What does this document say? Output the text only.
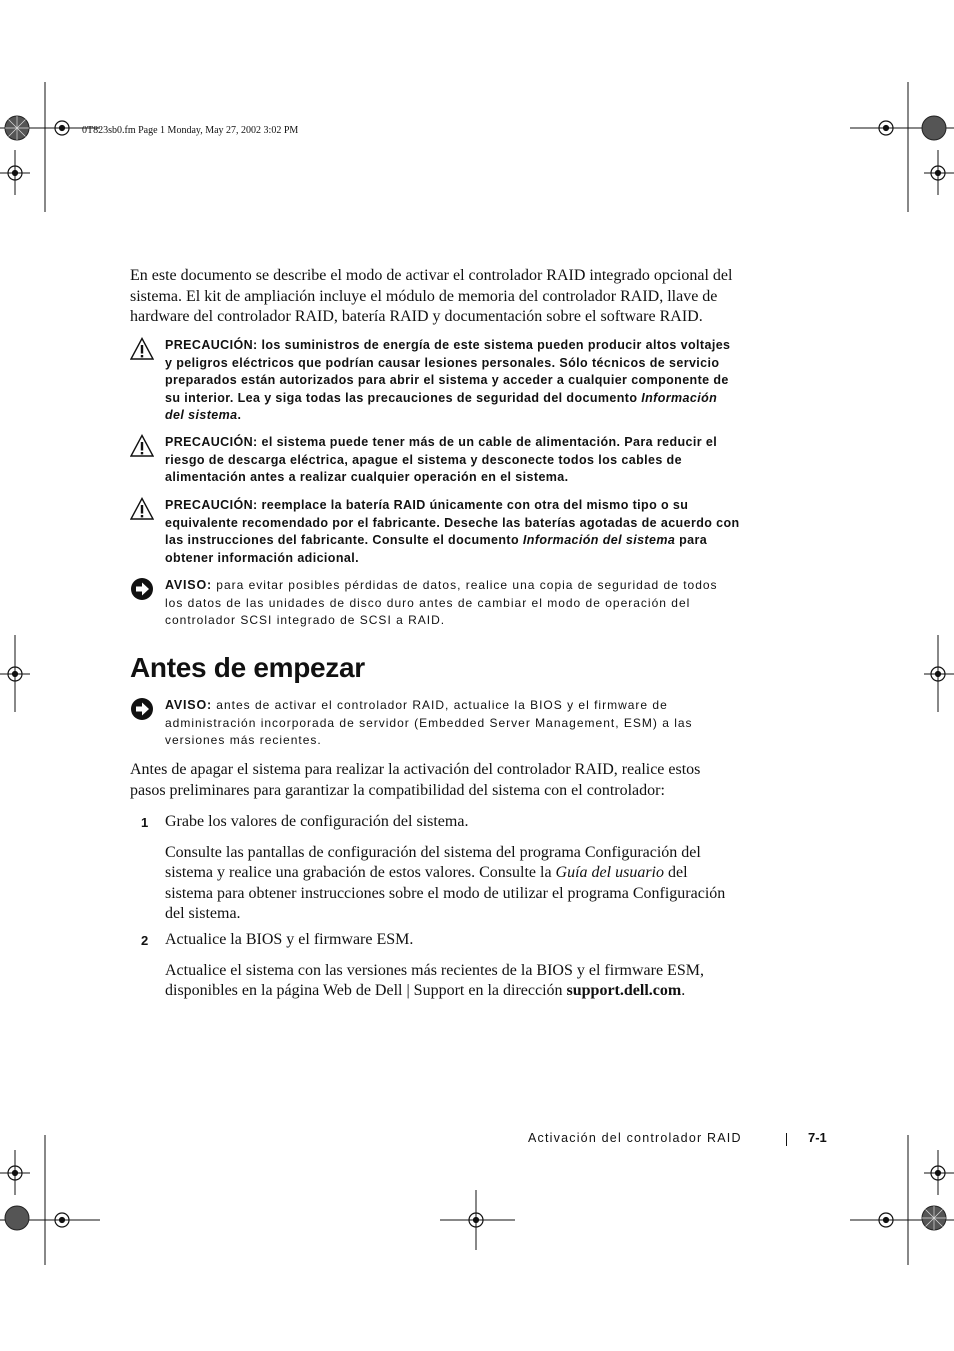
0T823sb0.fm Page 1 Monday, May 27, 2002 3:02 PM

En este documento se describe el modo de activar el controlador RAID integrado opcional del sistema. El kit de ampliación incluye el módulo de memoria del controlador RAID, llave de hardware del controlador RAID, batería RAID y documentación sobre el software RAID.

PRECAUCIÓN: los suministros de energía de este sistema pueden producir altos voltajes y peligros eléctricos que podrían causar lesiones personales. Sólo técnicos de servicio preparados están autorizados para abrir el sistema y acceder a cualquier componente de su interior. Lea y siga todas las precauciones de seguridad del documento Información del sistema.
PRECAUCIÓN: el sistema puede tener más de un cable de alimentación. Para reducir el riesgo de descarga eléctrica, apague el sistema y desconecte todos los cables de alimentación antes a realizar cualquier operación en el sistema.
PRECAUCIÓN: reemplace la batería RAID únicamente con otra del mismo tipo o su equivalente recomendado por el fabricante. Deseche las baterías agotadas de acuerdo con las instrucciones del fabricante. Consulte el documento Información del sistema para obtener información adicional.
AVISO: para evitar posibles pérdidas de datos, realice una copia de seguridad de todos los datos de las unidades de disco duro antes de cambiar el modo de operación del controlador SCSI integrado de SCSI a RAID.
Antes de empezar
AVISO: antes de activar el controlador RAID, actualice la BIOS y el firmware de administración incorporada de servidor (Embedded Server Management, ESM) a las versiones más recientes.

Antes de apagar el sistema para realizar la activación del controlador RAID, realice estos pasos preliminares para garantizar la compatibilidad del sistema con el controlador:

1 Grabe los valores de configuración del sistema.
Consulte las pantallas de configuración del sistema del programa Configuración del sistema y realice una grabación de estos valores. Consulte la Guía del usuario del sistema para obtener instrucciones sobre el modo de utilizar el programa Configuración del sistema.
2 Actualice la BIOS y el firmware ESM.
Actualice el sistema con las versiones más recientes de la BIOS y el firmware ESM, disponibles en la página Web de Dell | Support en la dirección support.dell.com.
Activación del controlador RAID	7-1
